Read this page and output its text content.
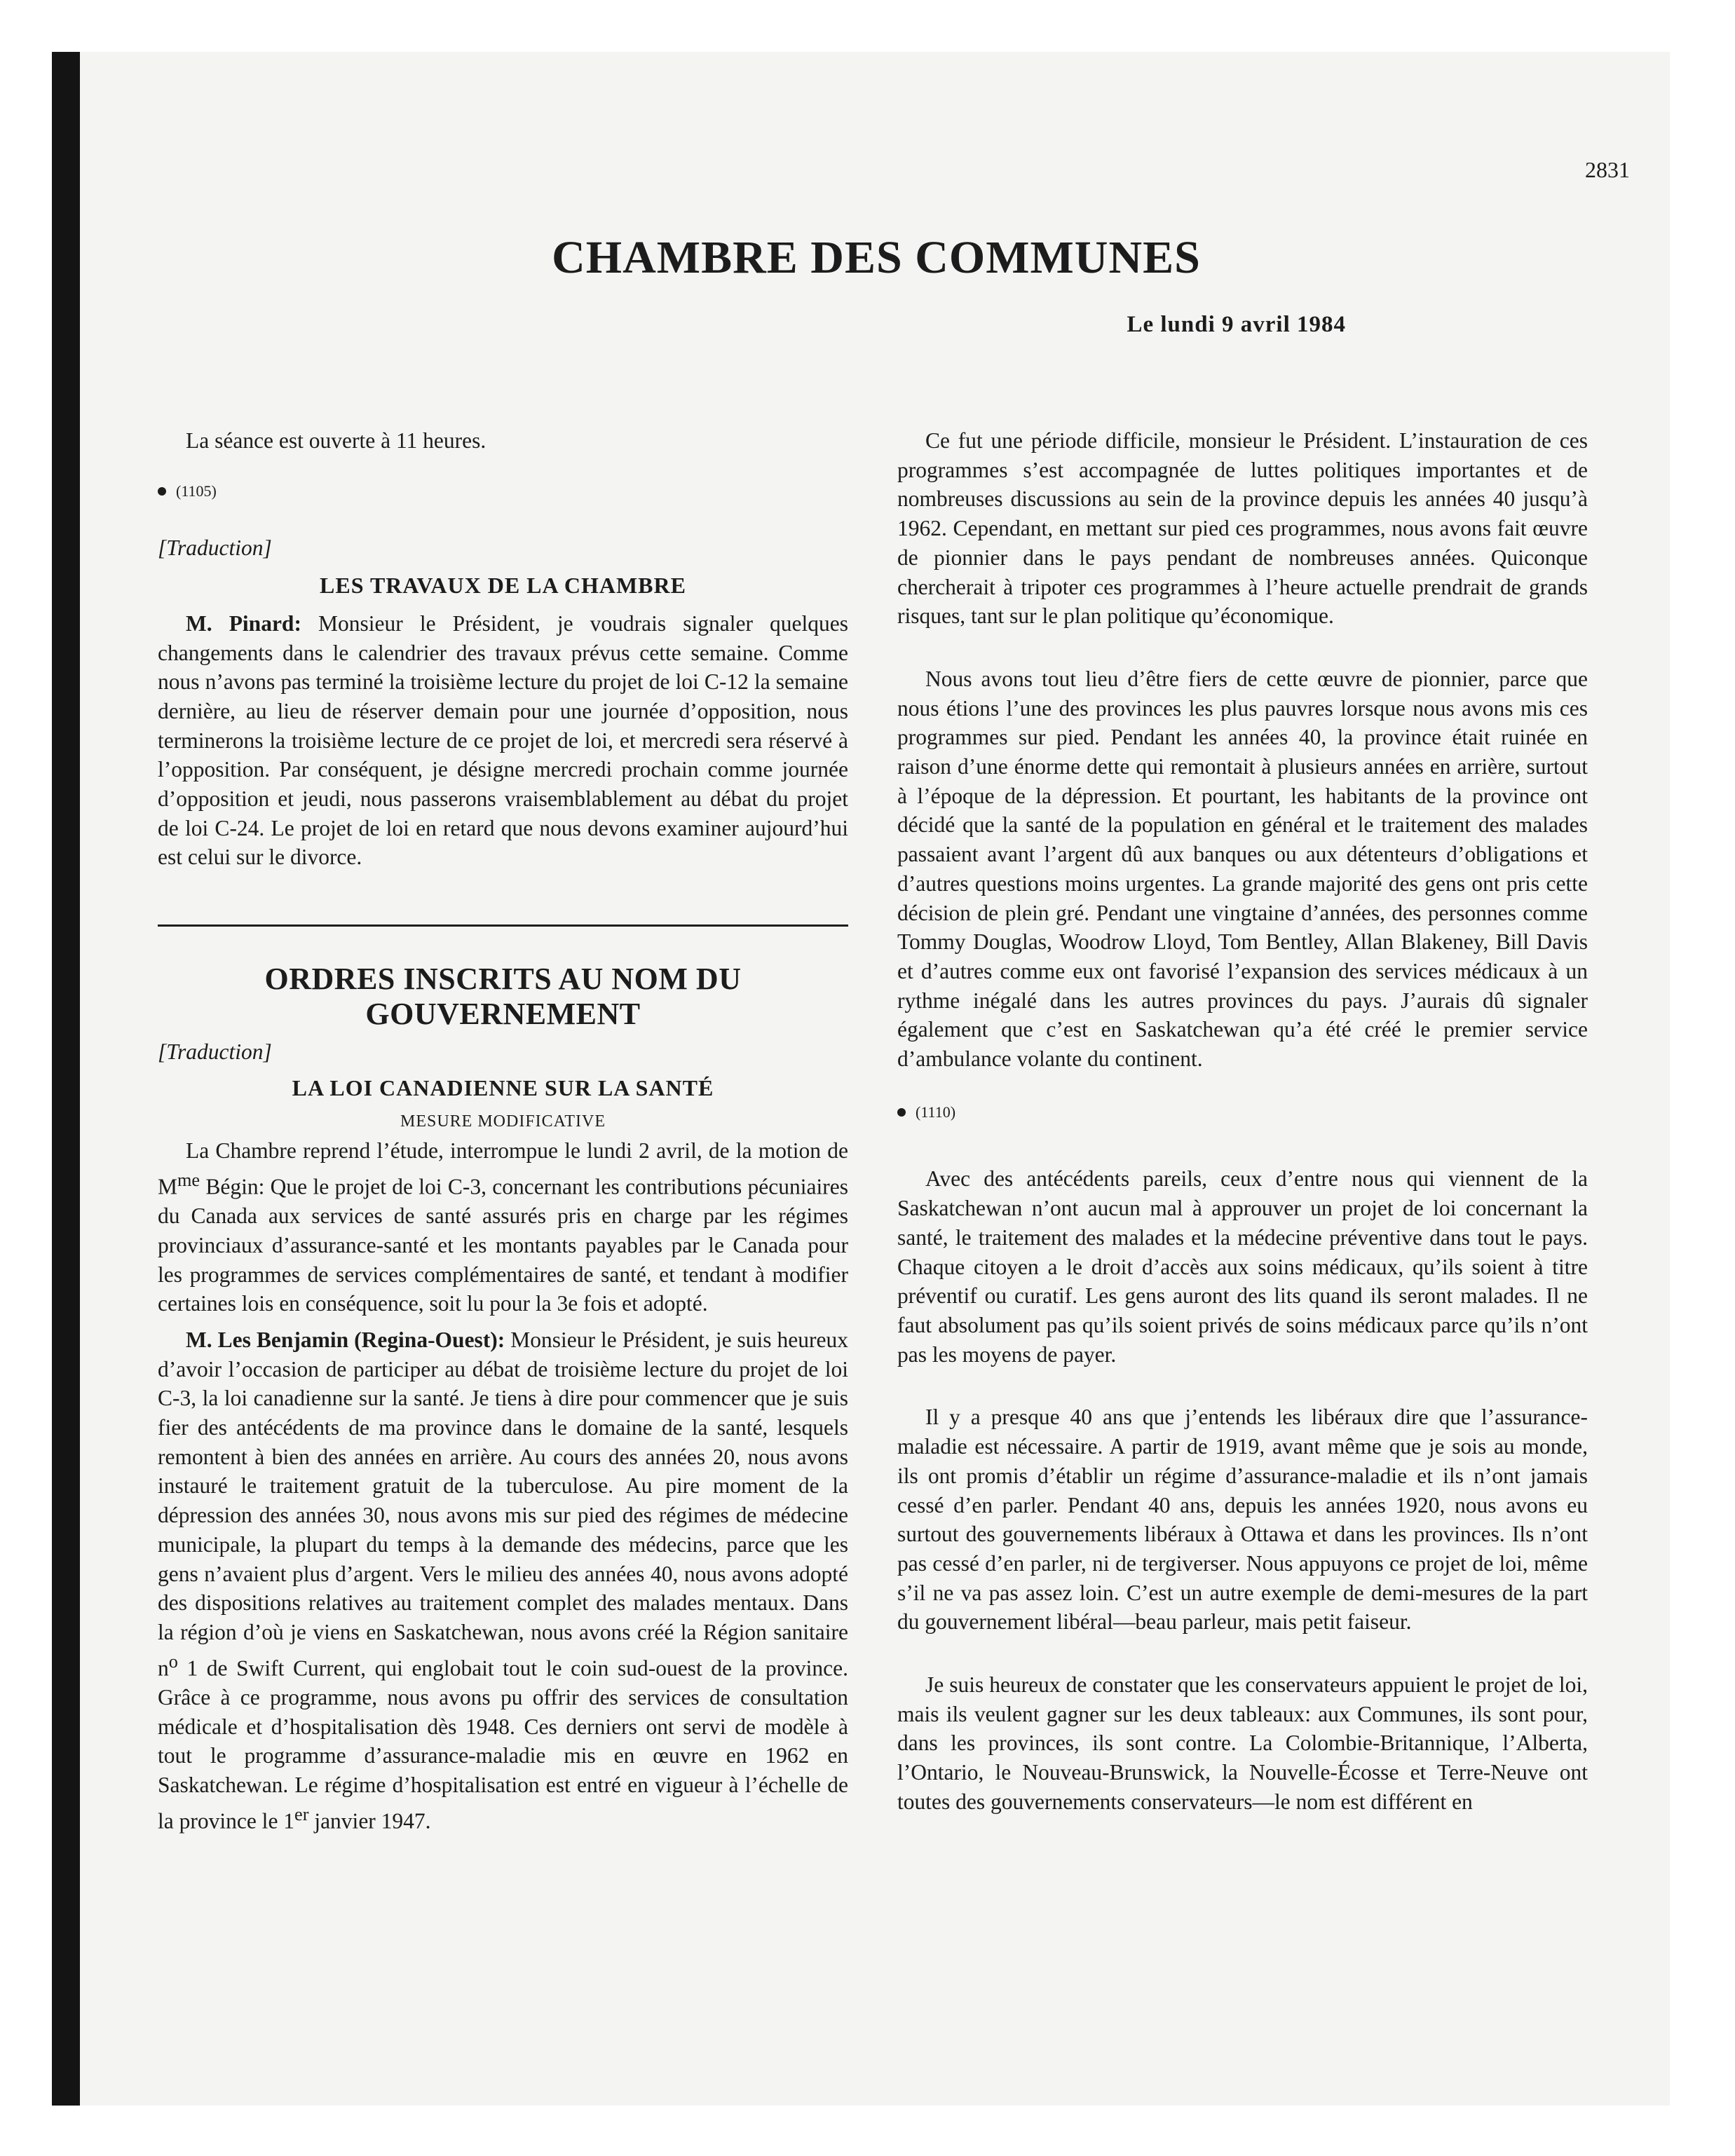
2831
CHAMBRE DES COMMUNES
Le lundi 9 avril 1984

La séance est ouverte à 11 heures.

(1105)
[Traduction]
LES TRAVAUX DE LA CHAMBRE

M. Pinard: Monsieur le Président, je voudrais signaler quelques changements dans le calendrier des travaux prévus cette semaine. Comme nous n’avons pas terminé la troisième lecture du projet de loi C-12 la semaine dernière, au lieu de réserver demain pour une journée d’opposition, nous terminerons la troisième lecture de ce projet de loi, et mercredi sera réservé à l’opposition. Par conséquent, je désigne mercredi prochain comme journée d’opposition et jeudi, nous passerons vraisemblablement au débat du projet de loi C-24. Le projet de loi en retard que nous devons examiner aujourd’hui est celui sur le divorce.

ORDRES INSCRITS AU NOM DU GOUVERNEMENT
[Traduction]
LA LOI CANADIENNE SUR LA SANTÉ
MESURE MODIFICATIVE

La Chambre reprend l’étude, interrompue le lundi 2 avril, de la motion de $M^{me}$ Bégin: Que le projet de loi C-3, concernant les contributions pécuniaires du Canada aux services de santé assurés pris en charge par les régimes provinciaux d’assurance-santé et les montants payables par le Canada pour les programmes de services complémentaires de santé, et tendant à modifier certaines lois en conséquence, soit lu pour la 3e fois et adopté.

M. Les Benjamin (Regina-Ouest): Monsieur le Président, je suis heureux d’avoir l’occasion de participer au débat de troisième lecture du projet de loi C-3, la loi canadienne sur la santé. Je tiens à dire pour commencer que je suis fier des antécédents de ma province dans le domaine de la santé, lesquels remontent à bien des années en arrière. Au cours des années 20, nous avons instauré le traitement gratuit de la tuberculose. Au pire moment de la dépression des années 30, nous avons mis sur pied des régimes de médecine municipale, la plupart du temps à la demande des médecins, parce que les gens n’avaient plus d’argent. Vers le milieu des années 40, nous avons adopté des dispositions relatives au traitement complet des malades mentaux. Dans la région d’où je viens en Saskatchewan, nous avons créé la Région sanitaire $n^o$ 1 de Swift Current, qui englobait tout le coin sud-ouest de la province. Grâce à ce programme, nous avons pu offrir des services de consultation médicale et d’hospitalisation dès 1948. Ces derniers ont servi de modèle à tout le programme d’assurance-maladie mis en œuvre en 1962 en Saskatchewan. Le régime d’hospitalisation est entré en vigueur à l’échelle de la province le 1er janvier 1947.

Ce fut une période difficile, monsieur le Président. L’instauration de ces programmes s’est accompagnée de luttes politiques importantes et de nombreuses discussions au sein de la province depuis les années 40 jusqu’à 1962. Cependant, en mettant sur pied ces programmes, nous avons fait œuvre de pionnier dans le pays pendant de nombreuses années. Quiconque chercherait à tripoter ces programmes à l’heure actuelle prendrait de grands risques, tant sur le plan politique qu’économique.

Nous avons tout lieu d’être fiers de cette œuvre de pionnier, parce que nous étions l’une des provinces les plus pauvres lorsque nous avons mis ces programmes sur pied. Pendant les années 40, la province était ruinée en raison d’une énorme dette qui remontait à plusieurs années en arrière, surtout à l’époque de la dépression. Et pourtant, les habitants de la province ont décidé que la santé de la population en général et le traitement des malades passaient avant l’argent dû aux banques ou aux détenteurs d’obligations et d’autres questions moins urgentes. La grande majorité des gens ont pris cette décision de plein gré. Pendant une vingtaine d’années, des personnes comme Tommy Douglas, Woodrow Lloyd, Tom Bentley, Allan Blakeney, Bill Davis et d’autres comme eux ont favorisé l’expansion des services médicaux à un rythme inégalé dans les autres provinces du pays. J’aurais dû signaler également que c’est en Saskatchewan qu’a été créé le premier service d’ambulance volante du continent.

(1110)

Avec des antécédents pareils, ceux d’entre nous qui viennent de la Saskatchewan n’ont aucun mal à approuver un projet de loi concernant la santé, le traitement des malades et la médecine préventive dans tout le pays. Chaque citoyen a le droit d’accès aux soins médicaux, qu’ils soient à titre préventif ou curatif. Les gens auront des lits quand ils seront malades. Il ne faut absolument pas qu’ils soient privés de soins médicaux parce qu’ils n’ont pas les moyens de payer.

Il y a presque 40 ans que j’entends les libéraux dire que l’assurance-maladie est nécessaire. A partir de 1919, avant même que je sois au monde, ils ont promis d’établir un régime d’assurance-maladie et ils n’ont jamais cessé d’en parler. Pendant 40 ans, depuis les années 1920, nous avons eu surtout des gouvernements libéraux à Ottawa et dans les provinces. Ils n’ont pas cessé d’en parler, ni de tergiverser. Nous appuyons ce projet de loi, même s’il ne va pas assez loin. C’est un autre exemple de demi-mesures de la part du gouvernement libéral—beau parleur, mais petit faiseur.

Je suis heureux de constater que les conservateurs appuient le projet de loi, mais ils veulent gagner sur les deux tableaux: aux Communes, ils sont pour, dans les provinces, ils sont contre. La Colombie-Britannique, l’Alberta, l’Ontario, le Nouveau-Brunswick, la Nouvelle-Écosse et Terre-Neuve ont toutes des gouvernements conservateurs—le nom est différent en
